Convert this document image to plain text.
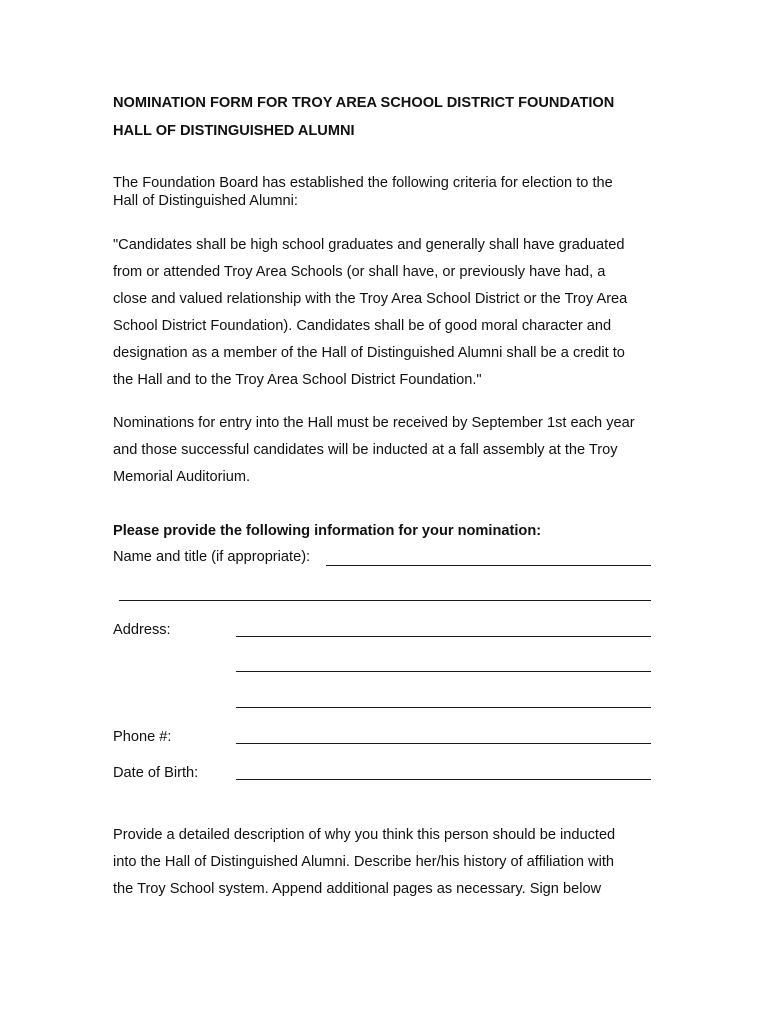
NOMINATION FORM FOR TROY AREA SCHOOL DISTRICT FOUNDATION
HALL OF DISTINGUISHED ALUMNI
The Foundation Board has established the following criteria for election to the
Hall of Distinguished Alumni:
"Candidates shall be high school graduates and generally shall have graduated
from or attended Troy Area Schools (or shall have, or previously have had, a
close and valued relationship with the Troy Area School District or the Troy Area
School District Foundation). Candidates shall be of good moral character and
designation as a member of the Hall of Distinguished Alumni shall be a credit to
the Hall and to the Troy Area School District Foundation."
Nominations for entry into the Hall must be received by September 1st each year
and those successful candidates will be inducted at a fall assembly at the Troy
Memorial Auditorium.
Please provide the following information for your nomination:
Name and title (if appropriate):
Address:
Phone #:
Date of Birth:
Provide a detailed description of why you think this person should be inducted
into the Hall of Distinguished Alumni. Describe her/his history of affiliation with
the Troy School system. Append additional pages as necessary. Sign below
